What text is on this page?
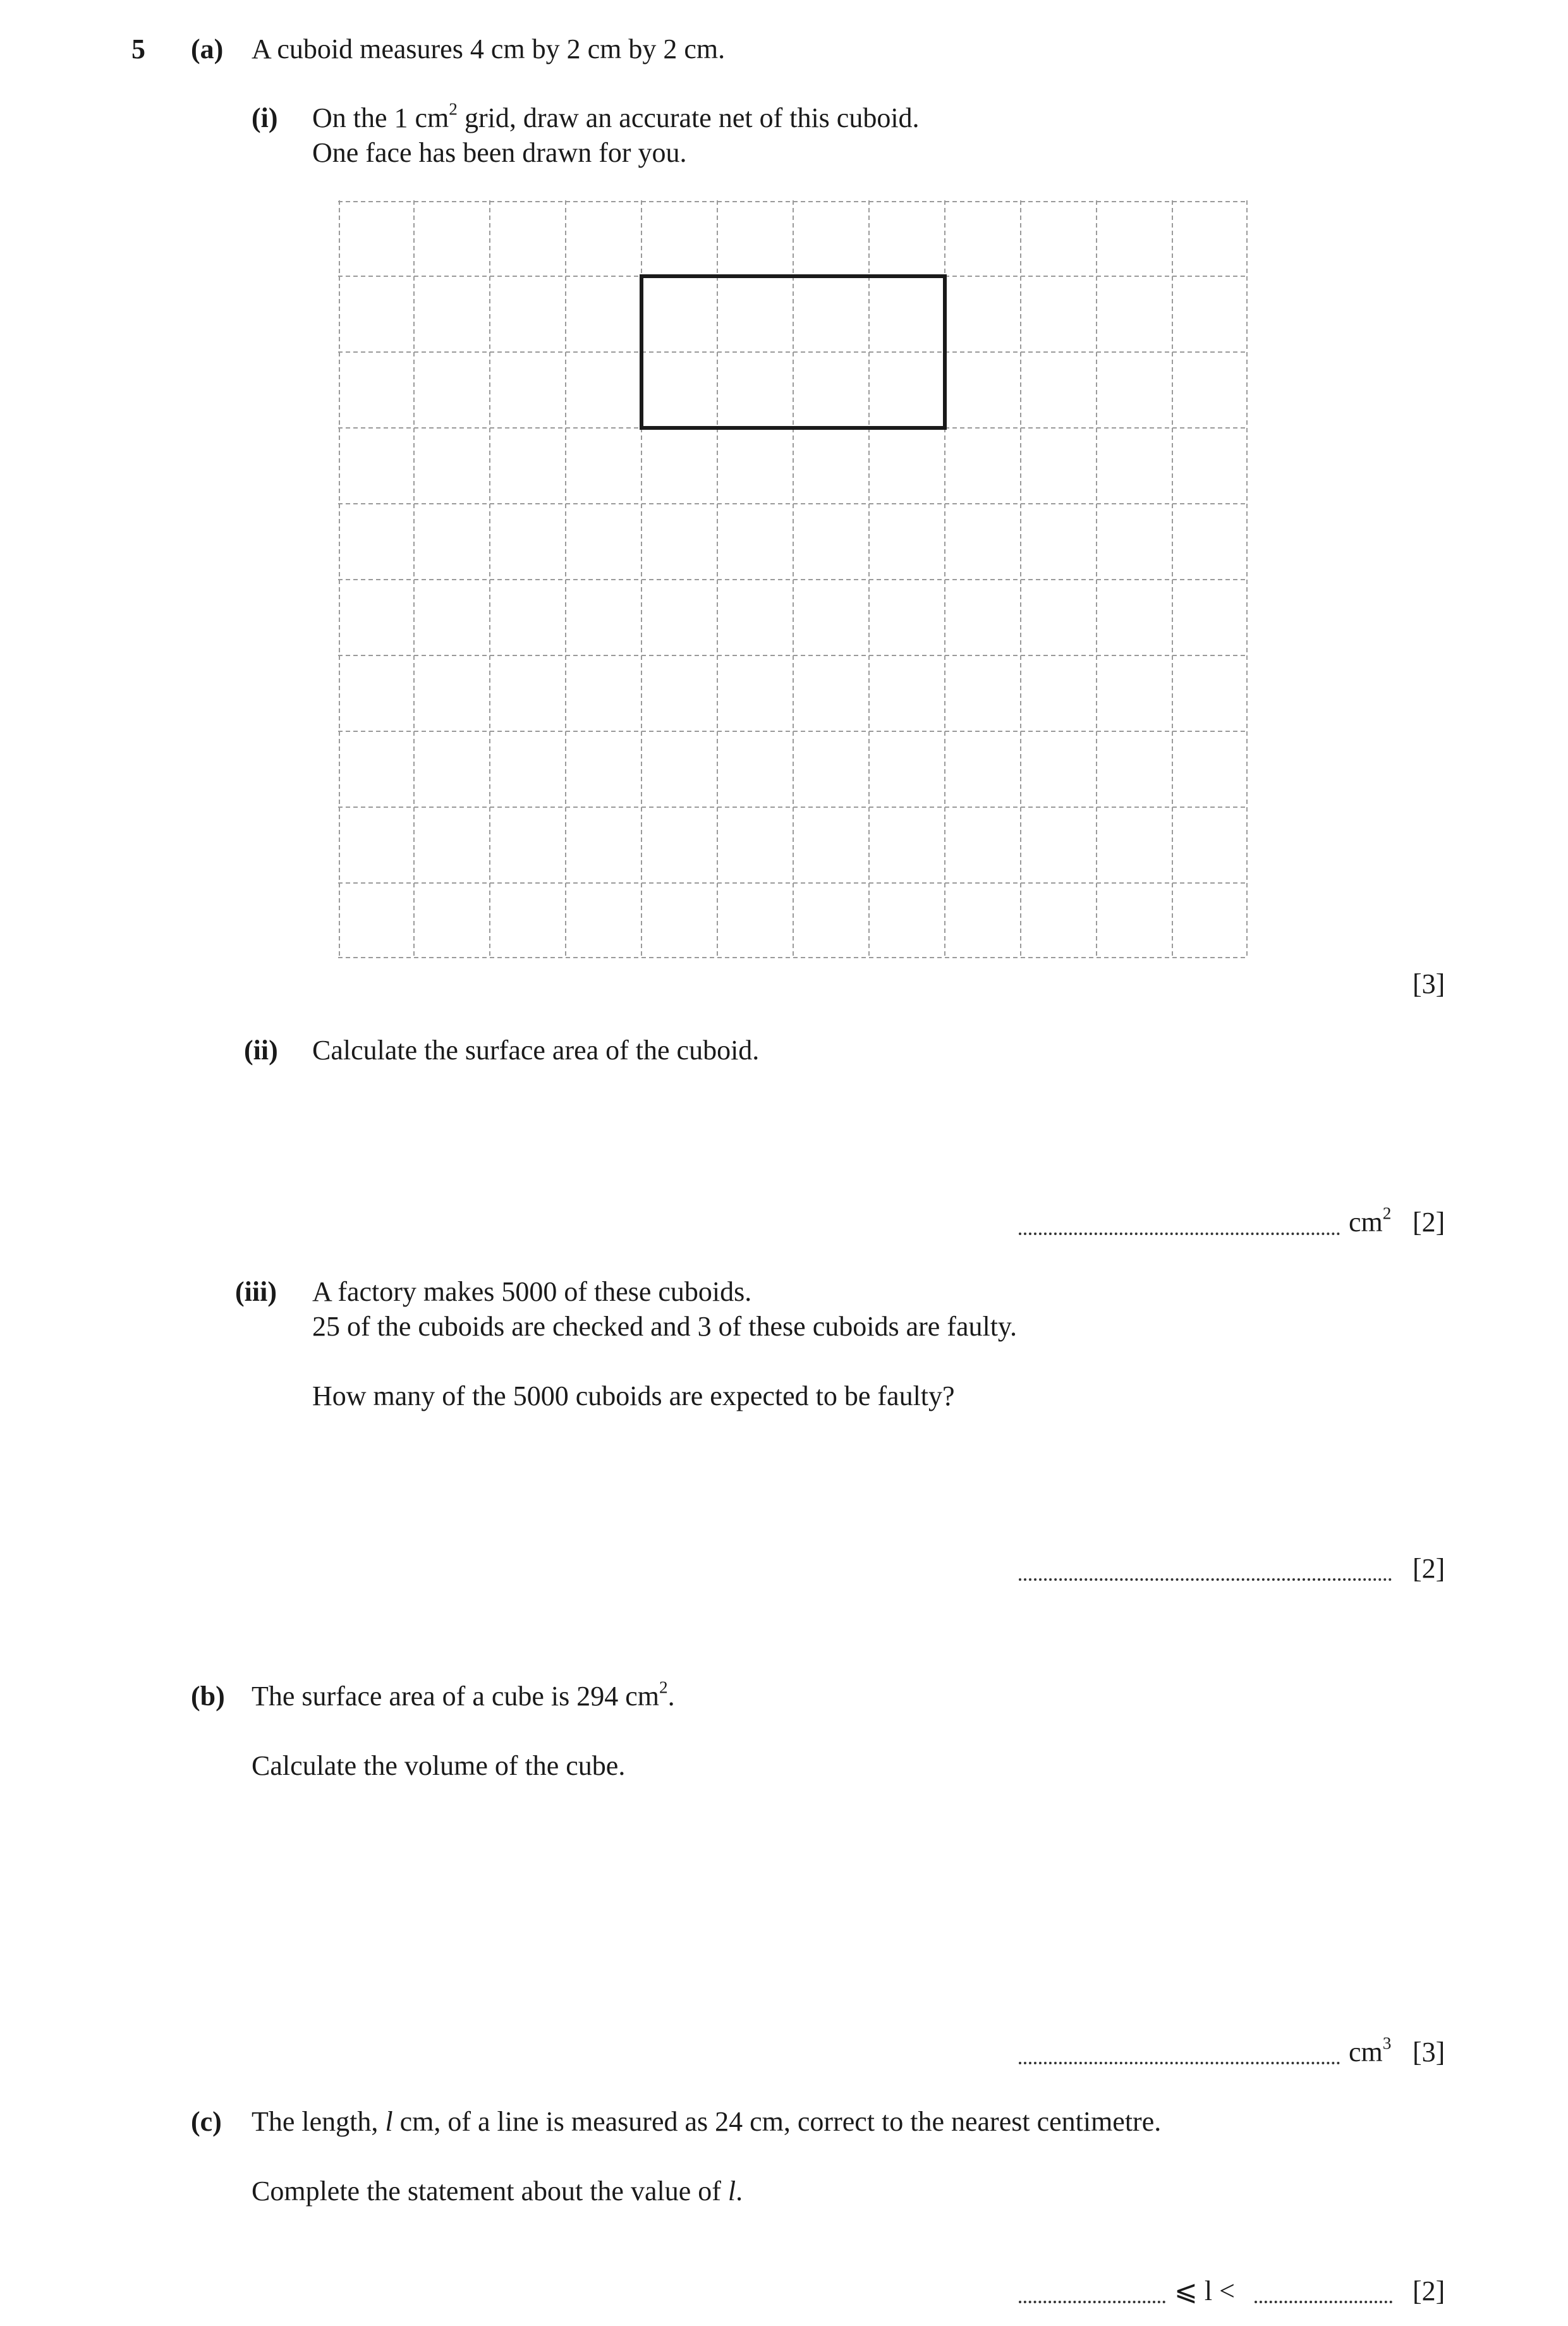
5 (a) A cuboid measures 4 cm by 2 cm by 2 cm.
(i) On the 1 $cm^2$ grid, draw an accurate net of this cuboid.
One face has been drawn for you.
[3]
(ii) Calculate the surface area of the cuboid.
$cm^2$ [2]
(iii) A factory makes 5000 of these cuboids.
25 of the cuboids are checked and 3 of these cuboids are faulty.
How many of the 5000 cuboids are expected to be faulty?
[2]
(b) The surface area of a cube is 294 $cm^2$.
Calculate the volume of the cube.
$cm^3$ [3]
(c) The length, l cm, of a line is measured as 24 cm, correct to the nearest centimetre.
Complete the statement about the value of l.
⩽ l <	[2]
